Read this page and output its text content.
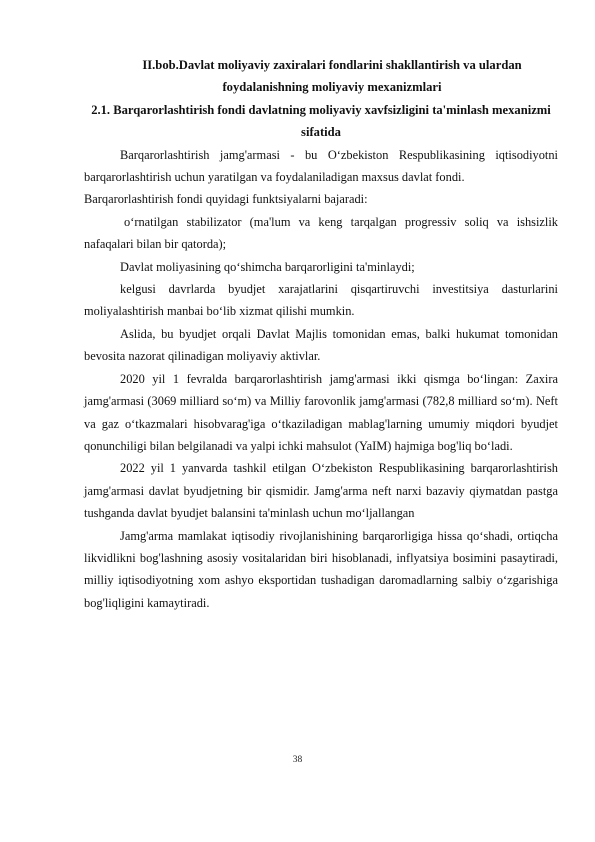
II.bob.Davlat moliyaviy zaxiralari fondlarini shakllantirish va ulardan foydalanishning moliyaviy mexanizmlari

2.1. Barqarorlashtirish fondi davlatning moliyaviy xavfsizligini ta'minlash mexanizmi sifatida

Barqarorlashtirish jamg'armasi - bu O‘zbekiston Respublikasining iqtisodiyotni barqarorlashtirish uchun yaratilgan va foydalaniladigan maxsus davlat fondi.

Barqarorlashtirish fondi quyidagi funktsiyalarni bajaradi:

o‘rnatilgan stabilizator (ma'lum va keng tarqalgan progressiv soliq va ishsizlik nafaqalari bilan bir qatorda);

Davlat moliyasining qo‘shimcha barqarorligini ta'minlaydi;

kelgusi davrlarda byudjet xarajatlarini qisqartiruvchi investitsiya dasturlarini moliyalashtirish manbai bo‘lib xizmat qilishi mumkin.

Aslida, bu byudjet orqali Davlat Majlis tomonidan emas, balki hukumat tomonidan bevosita nazorat qilinadigan moliyaviy aktivlar.

2020 yil 1 fevralda barqarorlashtirish jamg'armasi ikki qismga bo‘lingan: Zaxira jamg'armasi (3069 milliard so‘m) va Milliy farovonlik jamg'armasi (782,8 milliard so‘m). Neft va gaz o‘tkazmalari hisobvarag'iga o‘tkaziladigan mablag'larning umumiy miqdori byudjet qonunchiligi bilan belgilanadi va yalpi ichki mahsulot (YaIM) hajmiga bog'liq bo‘ladi.

2022 yil 1 yanvarda tashkil etilgan O‘zbekiston Respublikasining barqarorlashtirish jamg'armasi davlat byudjetning bir qismidir. Jamg'arma neft narxi bazaviy qiymatdan pastga tushganda davlat byudjet balansini ta'minlash uchun mo‘ljallangan

Jamg'arma mamlakat iqtisodiy rivojlanishining barqarorligiga hissa qo‘shadi, ortiqcha likvidlikni bog'lashning asosiy vositalaridan biri hisoblanadi, inflyatsiya bosimini pasaytiradi, milliy iqtisodiyotning xom ashyo eksportidan tushadigan daromadlarning salbiy o‘zgarishiga bog'liqligini kamaytiradi.

38
